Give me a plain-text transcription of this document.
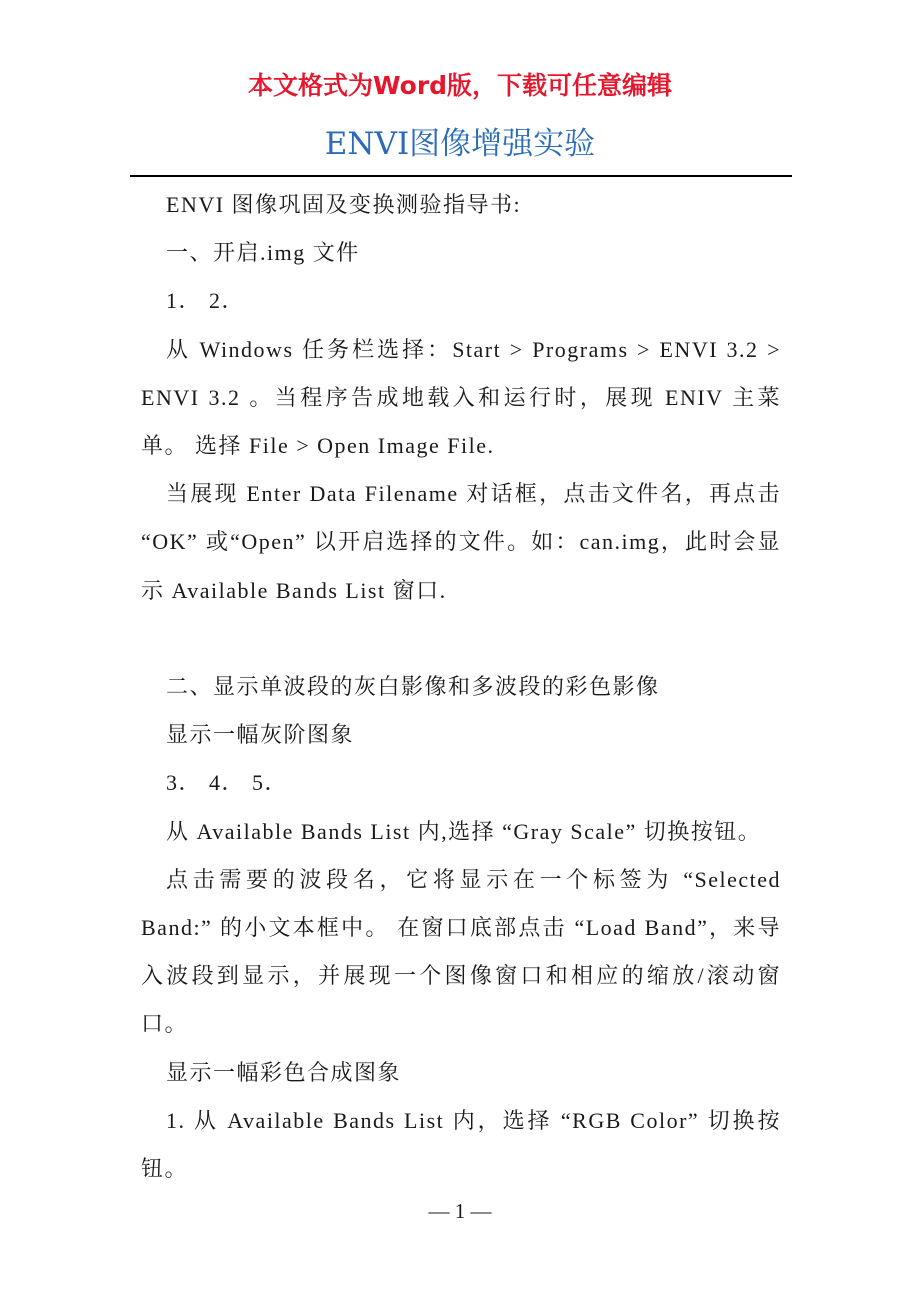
本文格式为Word版，下载可任意编辑
ENVI图像增强实验

ENVI 图像巩固及变换测验指导书:

一、开启.img 文件

1． 2．

从 Windows 任务栏选择：Start > Programs > ENVI 3.2 > ENVI 3.2 。当程序告成地载入和运行时，展现 ENIV 主菜单。 选择 File > Open Image File.

当展现 Enter Data Filename 对话框，点击文件名，再点击 “OK” 或“Open” 以开启选择的文件。如：can.img，此时会显示 Available Bands List 窗口.

二、显示单波段的灰白影像和多波段的彩色影像

显示一幅灰阶图象

3． 4． 5．

从 Available Bands List 内,选择 “Gray Scale” 切换按钮。

点击需要的波段名，它将显示在一个标签为 “Selected Band:” 的小文本框中。 在窗口底部点击 “Load Band”，来导入波段到显示，并展现一个图像窗口和相应的缩放/滚动窗口。

显示一幅彩色合成图象

1. 从 Available Bands List 内，选择 “RGB Color” 切换按钮。

— 1 —
